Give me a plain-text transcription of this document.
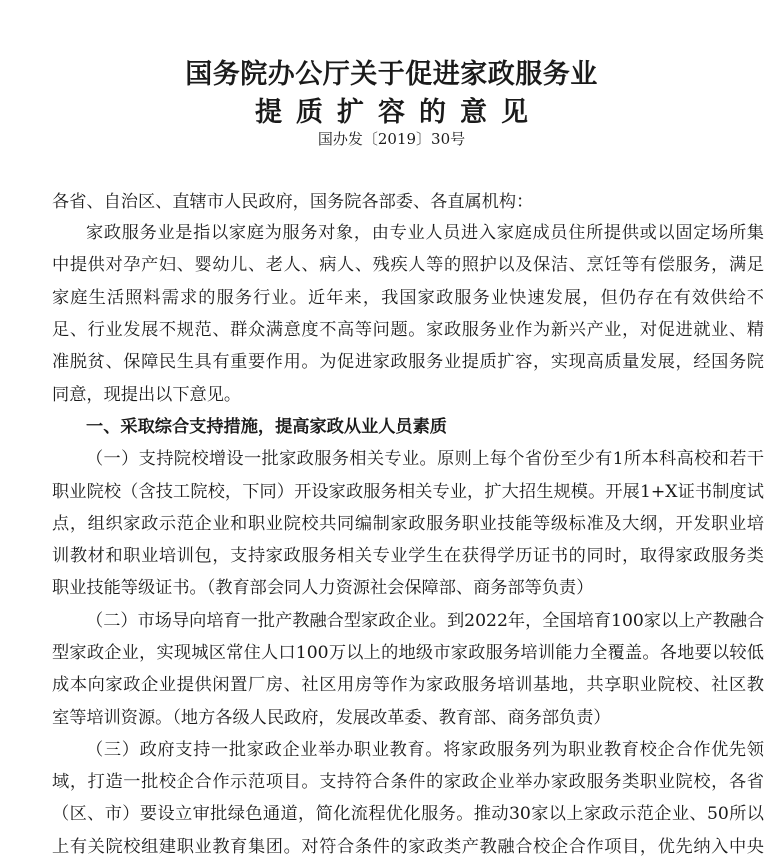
国务院办公厅关于促进家政服务业
提质扩容的意见
国办发〔2019〕30号
各省、自治区、直辖市人民政府，国务院各部委、各直属机构：
家政服务业是指以家庭为服务对象，由专业人员进入家庭成员住所提供或以固定场所集
中提供对孕产妇、婴幼儿、老人、病人、残疾人等的照护以及保洁、烹饪等有偿服务，满足
家庭生活照料需求的服务行业。近年来，我国家政服务业快速发展，但仍存在有效供给不
足、行业发展不规范、群众满意度不高等问题。家政服务业作为新兴产业，对促进就业、精
准脱贫、保障民生具有重要作用。为促进家政服务业提质扩容，实现高质量发展，经国务院
同意，现提出以下意见。
一、采取综合支持措施，提高家政从业人员素质
（一）支持院校增设一批家政服务相关专业。原则上每个省份至少有1所本科高校和若干
职业院校（含技工院校，下同）开设家政服务相关专业，扩大招生规模。开展1+X证书制度试
点，组织家政示范企业和职业院校共同编制家政服务职业技能等级标准及大纲，开发职业培
训教材和职业培训包，支持家政服务相关专业学生在获得学历证书的同时，取得家政服务类
职业技能等级证书。（教育部会同人力资源社会保障部、商务部等负责）
（二）市场导向培育一批产教融合型家政企业。到2022年，全国培育100家以上产教融合
型家政企业，实现城区常住人口100万以上的地级市家政服务培训能力全覆盖。各地要以较低
成本向家政企业提供闲置厂房、社区用房等作为家政服务培训基地，共享职业院校、社区教
室等培训资源。（地方各级人民政府，发展改革委、教育部、商务部负责）
（三）政府支持一批家政企业举办职业教育。将家政服务列为职业教育校企合作优先领
域，打造一批校企合作示范项目。支持符合条件的家政企业举办家政服务类职业院校，各省
（区、市）要设立审批绿色通道，简化流程优化服务。推动30家以上家政示范企业、50所以
上有关院校组建职业教育集团。对符合条件的家政类产教融合校企合作项目，优先纳入中央
